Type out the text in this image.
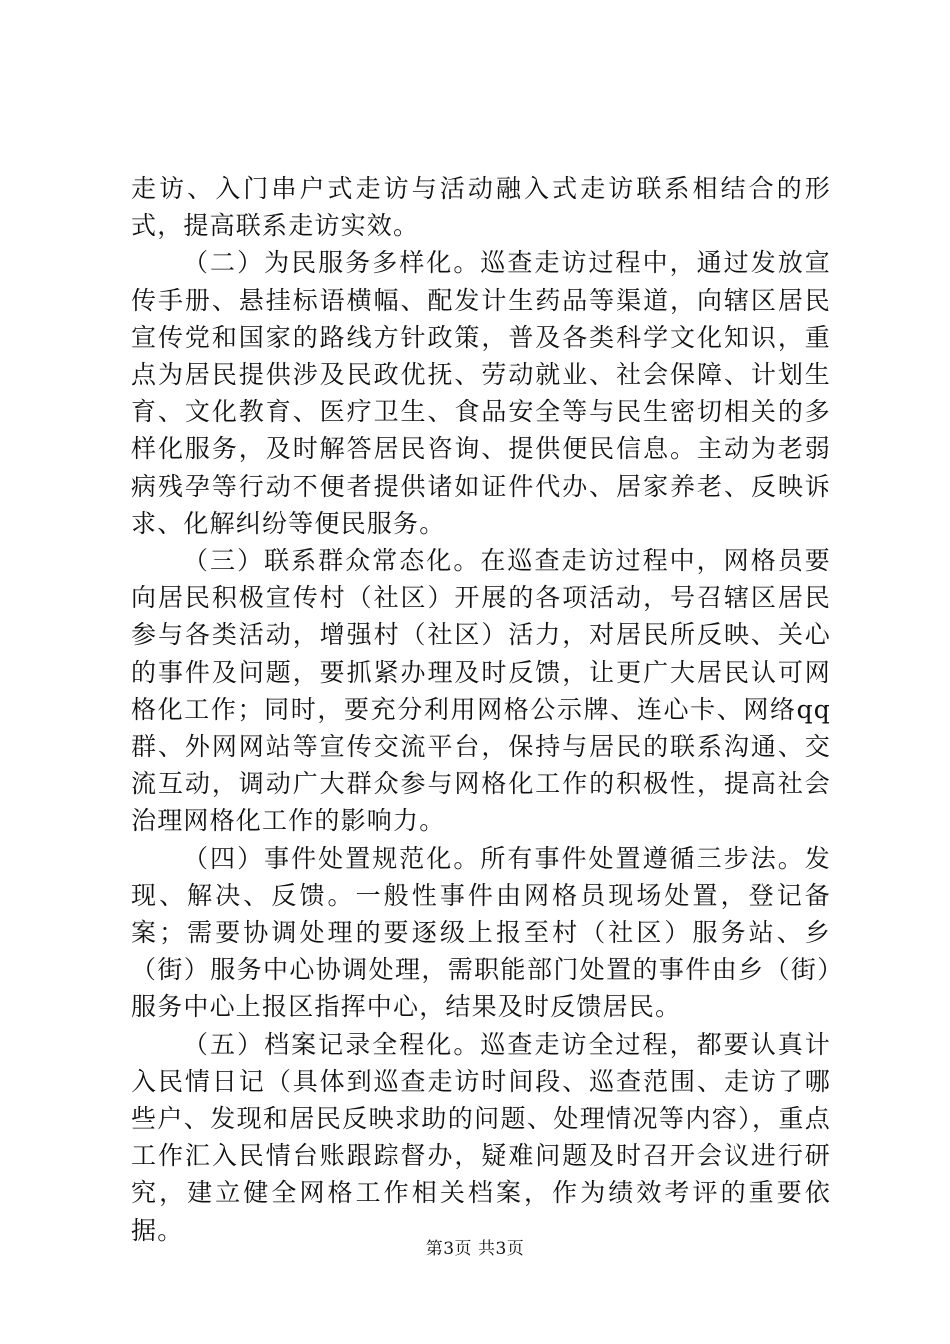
走访、入门串户式走访与活动融入式走访联系相结合的形式，提高联系走访实效。

（二）为民服务多样化。巡查走访过程中，通过发放宣传手册、悬挂标语横幅、配发计生药品等渠道，向辖区居民宣传党和国家的路线方针政策，普及各类科学文化知识，重点为居民提供涉及民政优抚、劳动就业、社会保障、计划生育、文化教育、医疗卫生、食品安全等与民生密切相关的多样化服务，及时解答居民咨询、提供便民信息。主动为老弱病残孕等行动不便者提供诸如证件代办、居家养老、反映诉求、化解纠纷等便民服务。

（三）联系群众常态化。在巡查走访过程中，网格员要向居民积极宣传村（社区）开展的各项活动，号召辖区居民参与各类活动，增强村（社区）活力，对居民所反映、关心的事件及问题，要抓紧办理及时反馈，让更广大居民认可网格化工作；同时，要充分利用网格公示牌、连心卡、网络qq群、外网网站等宣传交流平台，保持与居民的联系沟通、交流互动，调动广大群众参与网格化工作的积极性，提高社会治理网格化工作的影响力。

（四）事件处置规范化。所有事件处置遵循三步法。发现、解决、反馈。一般性事件由网格员现场处置，登记备案；需要协调处理的要逐级上报至村（社区）服务站、乡（街）服务中心协调处理，需职能部门处置的事件由乡（街）服务中心上报区指挥中心，结果及时反馈居民。

（五）档案记录全程化。巡查走访全过程，都要认真计入民情日记（具体到巡查走访时间段、巡查范围、走访了哪些户、发现和居民反映求助的问题、处理情况等内容），重点工作汇入民情台账跟踪督办，疑难问题及时召开会议进行研究，建立健全网格工作相关档案，作为绩效考评的重要依据。

第3页 共3页
